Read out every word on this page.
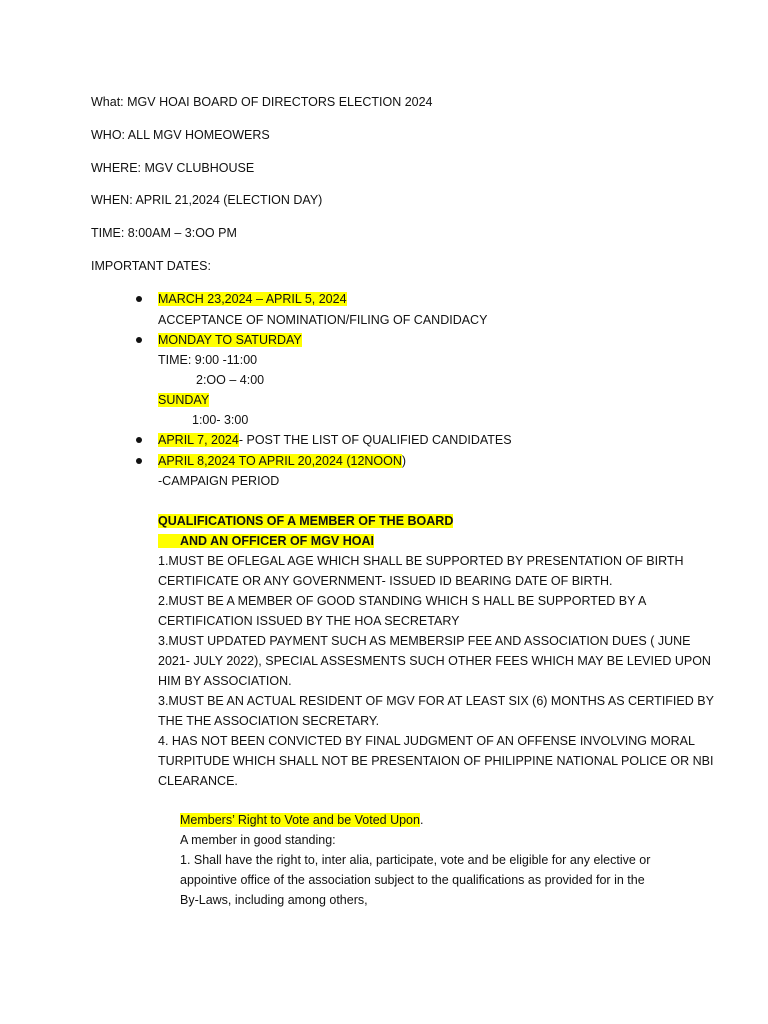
What: MGV HOAI BOARD OF DIRECTORS ELECTION 2024
WHO: ALL MGV HOMEOWERS
WHERE: MGV CLUBHOUSE
WHEN: APRIL 21,2024 (ELECTION DAY)
TIME: 8:00AM – 3:OO PM
IMPORTANT DATES:
MARCH 23,2024 – APRIL 5, 2024
ACCEPTANCE OF NOMINATION/FILING OF CANDIDACY
MONDAY TO SATURDAY
TIME: 9:00 -11:00
2:OO – 4:00
SUNDAY
1:00- 3:00
APRIL 7, 2024- POST THE LIST OF QUALIFIED CANDIDATES
APRIL 8,2024 TO APRIL 20,2024 (12NOON)
-CAMPAIGN PERIOD
QUALIFICATIONS OF A MEMBER OF THE BOARD
AND AN OFFICER OF MGV HOAI
1.MUST BE OFLEGAL AGE WHICH SHALL BE SUPPORTED BY PRESENTATION OF BIRTH
CERTIFICATE OR ANY GOVERNMENT- ISSUED ID BEARING DATE OF BIRTH.
2.MUST BE A MEMBER OF GOOD STANDING WHICH S HALL BE SUPPORTED BY A
CERTIFICATION ISSUED BY THE HOA SECRETARY
3.MUST UPDATED PAYMENT SUCH AS MEMBERSIP FEE AND ASSOCIATION DUES ( JUNE
2021- JULY 2022), SPECIAL ASSESMENTS SUCH OTHER FEES WHICH MAY BE LEVIED UPON
HIM BY ASSOCIATION.
3.MUST BE AN ACTUAL RESIDENT OF MGV FOR AT LEAST SIX (6) MONTHS AS CERTIFIED BY
THE THE ASSOCIATION SECRETARY.
4. HAS NOT BEEN CONVICTED BY FINAL JUDGMENT OF AN OFFENSE INVOLVING MORAL
TURPITUDE WHICH SHALL NOT BE PRESENTAION OF PHILIPPINE NATIONAL POLICE OR NBI
CLEARANCE.
Members’ Right to Vote and be Voted Upon.
A member in good standing:
1. Shall have the right to, inter alia, participate, vote and be eligible for any elective or
appointive office of the association subject to the qualifications as provided for in the
By-Laws, including among others,
